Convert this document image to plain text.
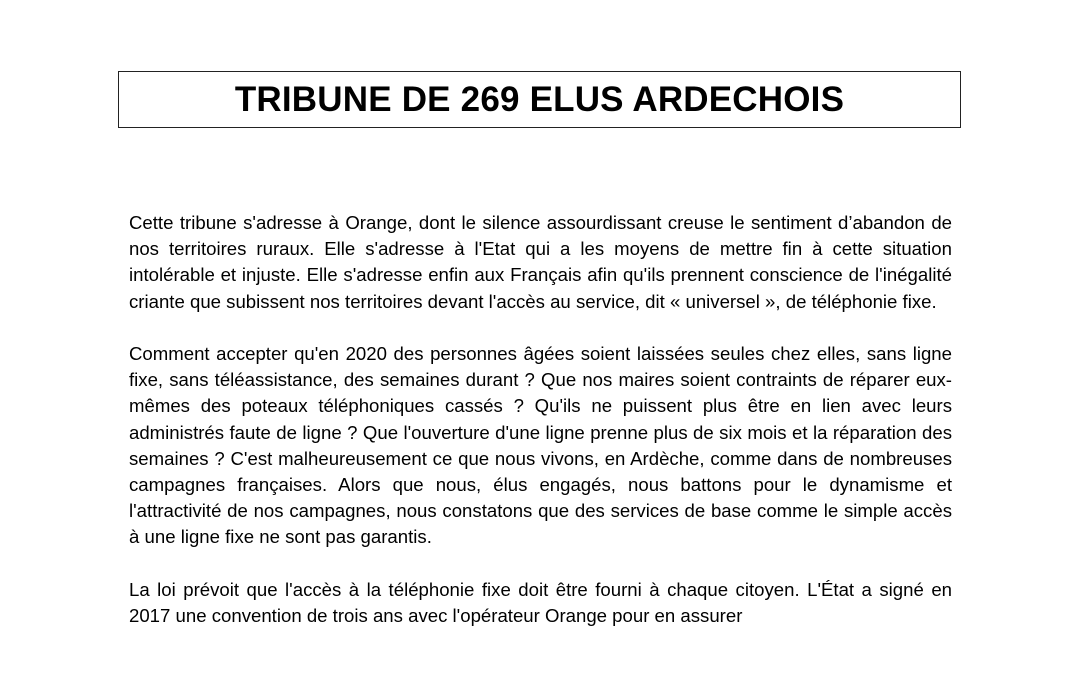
TRIBUNE DE 269 ELUS ARDECHOIS

Cette tribune s'adresse à Orange, dont le silence assourdissant creuse le sentiment d’abandon de nos territoires ruraux. Elle s'adresse à l'Etat qui a les moyens de mettre fin à cette situation intolérable et injuste. Elle s'adresse enfin aux Français afin qu'ils prennent conscience de l'inégalité criante que subissent nos territoires devant l'accès au service, dit « universel », de téléphonie fixe.

Comment accepter qu'en 2020 des personnes âgées soient laissées seules chez elles, sans ligne fixe, sans téléassistance, des semaines durant ? Que nos maires soient contraints de réparer eux-mêmes des poteaux téléphoniques cassés ? Qu'ils ne puissent plus être en lien avec leurs administrés faute de ligne ? Que l'ouverture d'une ligne prenne plus de six mois et la réparation des semaines ? C'est malheureusement ce que nous vivons, en Ardèche, comme dans de nombreuses campagnes françaises. Alors que nous, élus engagés, nous battons pour le dynamisme et l'attractivité de nos campagnes, nous constatons que des services de base comme le simple accès à une ligne fixe ne sont pas garantis.

La loi prévoit que l'accès à la téléphonie fixe doit être fourni à chaque citoyen. L'État a signé en 2017 une convention de trois ans avec l'opérateur Orange pour en assurer
